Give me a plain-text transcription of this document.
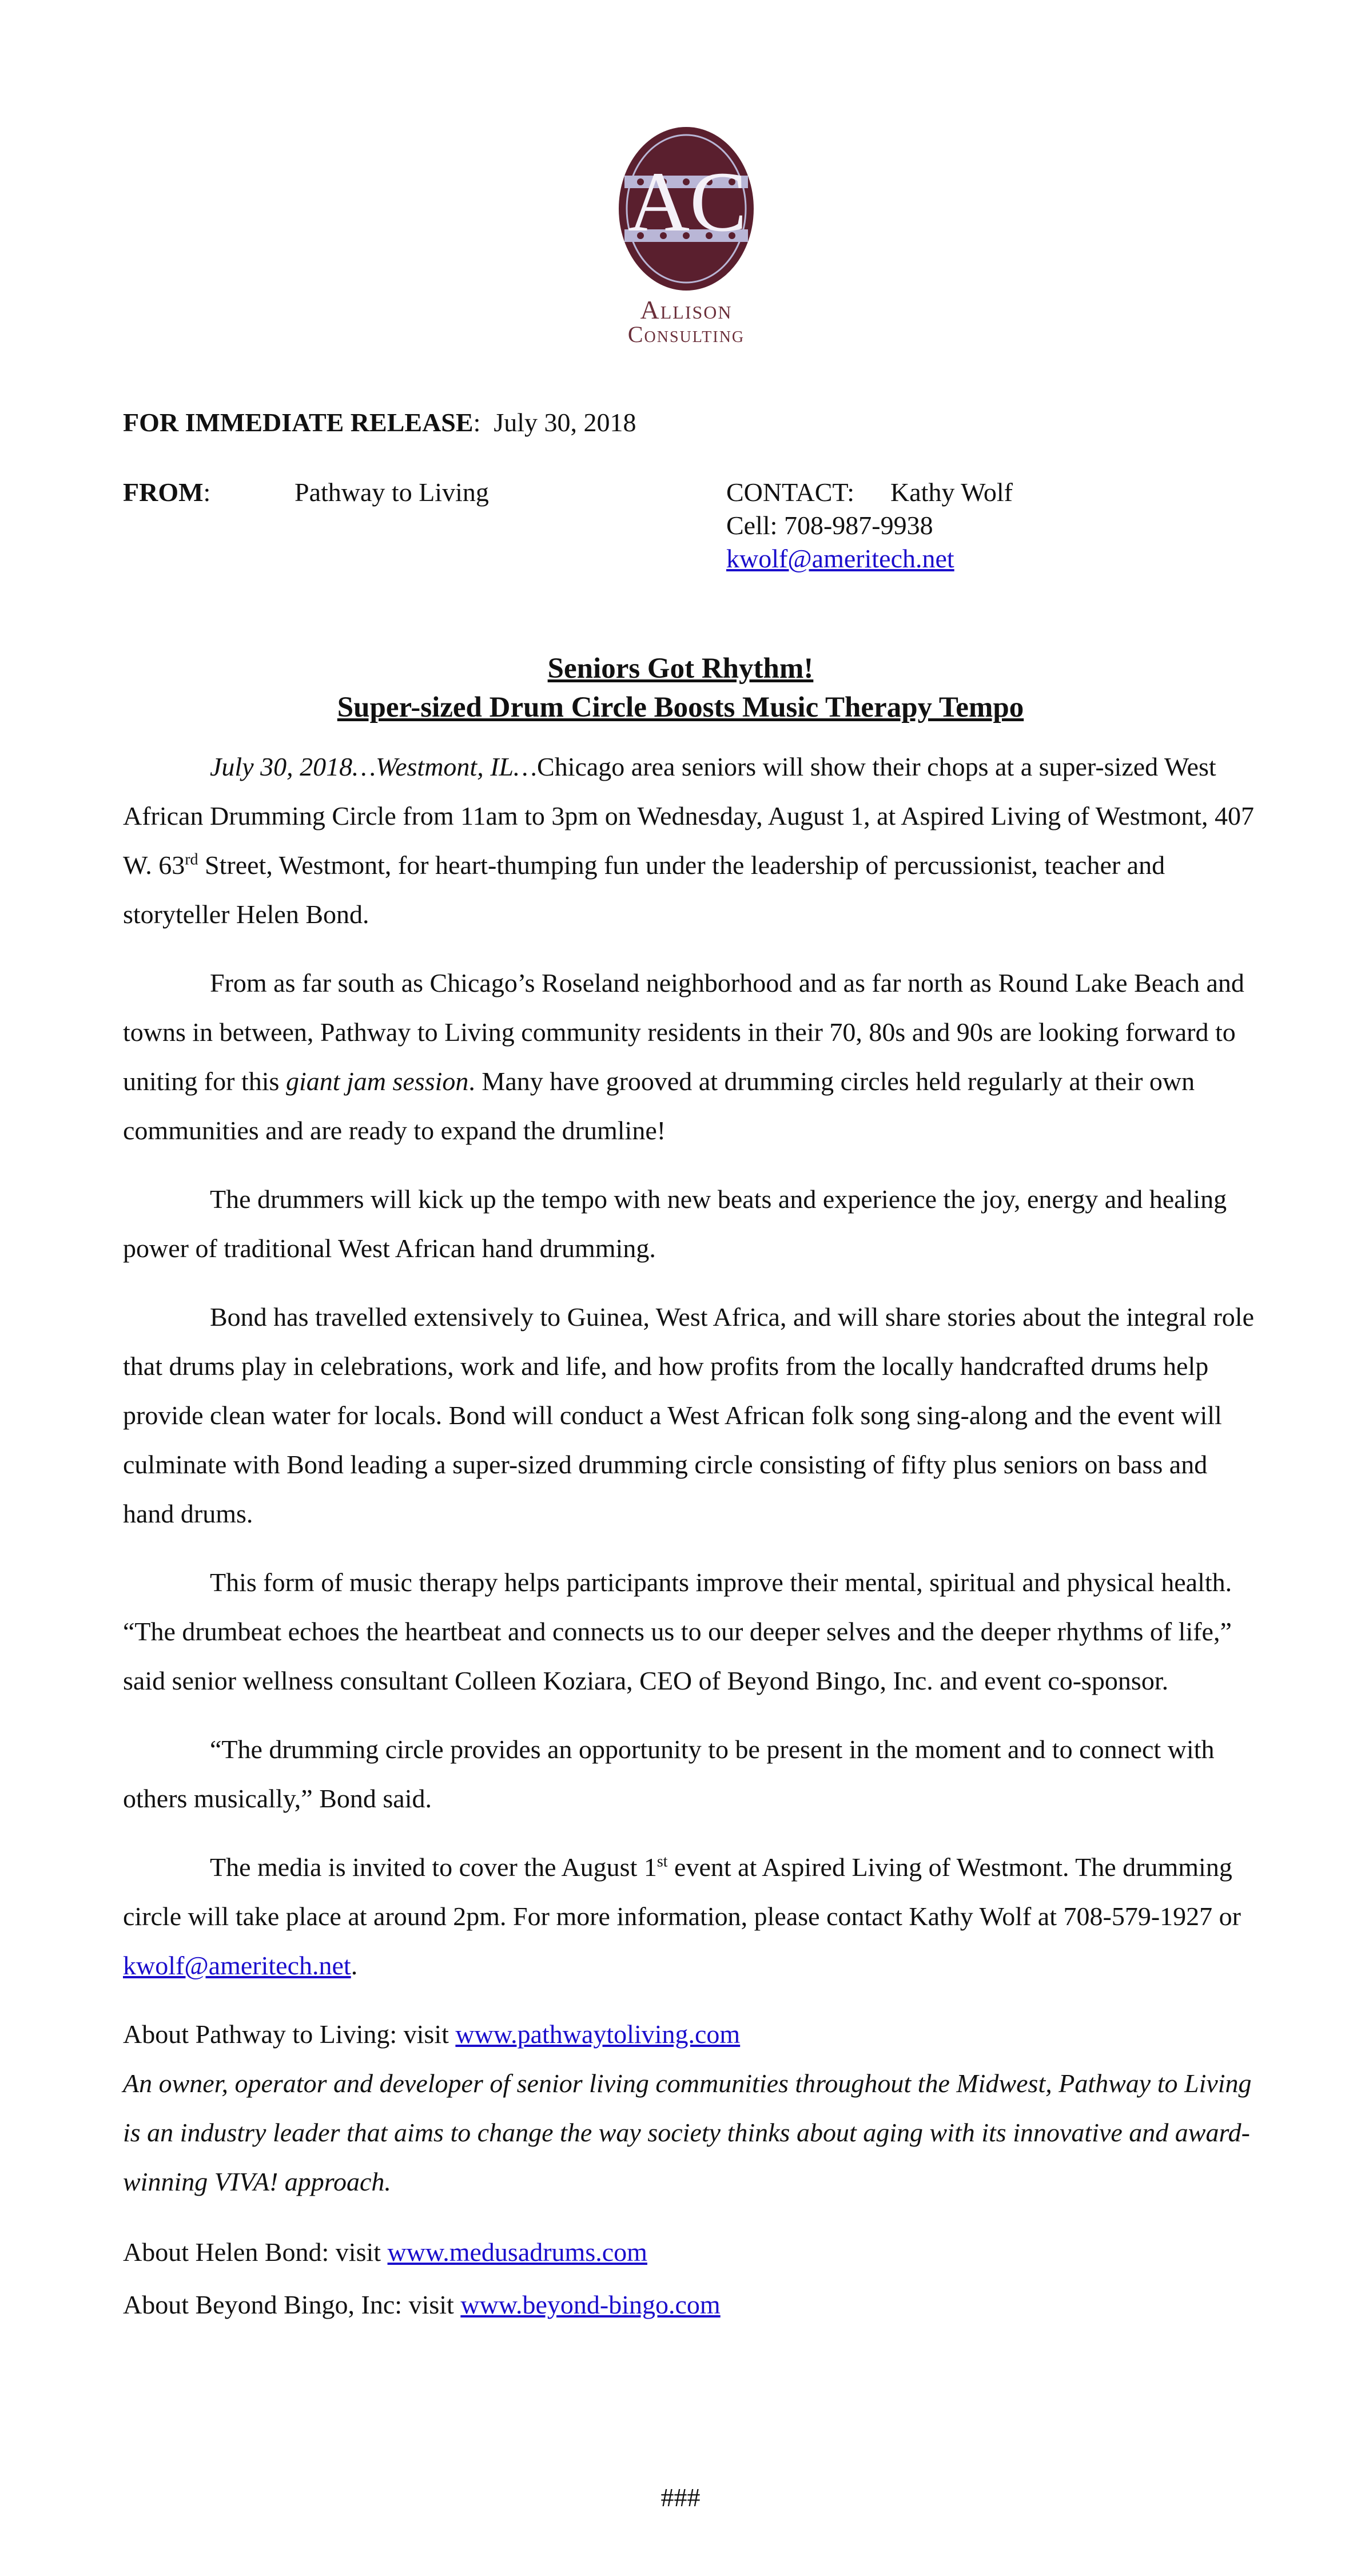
AC
Allison
Consulting
FOR IMMEDIATE RELEASE:  July 30, 2018
FROM:	Pathway to Living	CONTACT: Kathy Wolf
Cell: 708-987-9938
kwolf@ameritech.net
Seniors Got Rhythm!
Super-sized Drum Circle Boosts Music Therapy Tempo

July 30, 2018…Westmont, IL…Chicago area seniors will show their chops at a super-sized West African Drumming Circle from 11am to 3pm on Wednesday, August 1, at Aspired Living of Westmont, 407 W. 63rd Street, Westmont, for heart-thumping fun under the leadership of percussionist, teacher and storyteller Helen Bond.

From as far south as Chicago’s Roseland neighborhood and as far north as Round Lake Beach and towns in between, Pathway to Living community residents in their 70, 80s and 90s are looking forward to uniting for this giant jam session. Many have grooved at drumming circles held regularly at their own communities and are ready to expand the drumline!

The drummers will kick up the tempo with new beats and experience the joy, energy and healing power of traditional West African hand drumming.

Bond has travelled extensively to Guinea, West Africa, and will share stories about the integral role that drums play in celebrations, work and life, and how profits from the locally handcrafted drums help provide clean water for locals. Bond will conduct a West African folk song sing-along and the event will culminate with Bond leading a super-sized drumming circle consisting of fifty plus seniors on bass and hand drums.

This form of music therapy helps participants improve their mental, spiritual and physical health. “The drumbeat echoes the heartbeat and connects us to our deeper selves and the deeper rhythms of life,” said senior wellness consultant Colleen Koziara, CEO of Beyond Bingo, Inc. and event co-sponsor.

“The drumming circle provides an opportunity to be present in the moment and to connect with others musically,” Bond said.

The media is invited to cover the August 1st event at Aspired Living of Westmont. The drumming circle will take place at around 2pm. For more information, please contact Kathy Wolf at 708-579-1927 or kwolf@ameritech.net.

About Pathway to Living: visit www.pathwaytoliving.com

An owner, operator and developer of senior living communities throughout the Midwest, Pathway to Living is an industry leader that aims to change the way society thinks about aging with its innovative and award-winning VIVA! approach.

About Helen Bond: visit www.medusadrums.com

About Beyond Bingo, Inc: visit www.beyond-bingo.com

###
